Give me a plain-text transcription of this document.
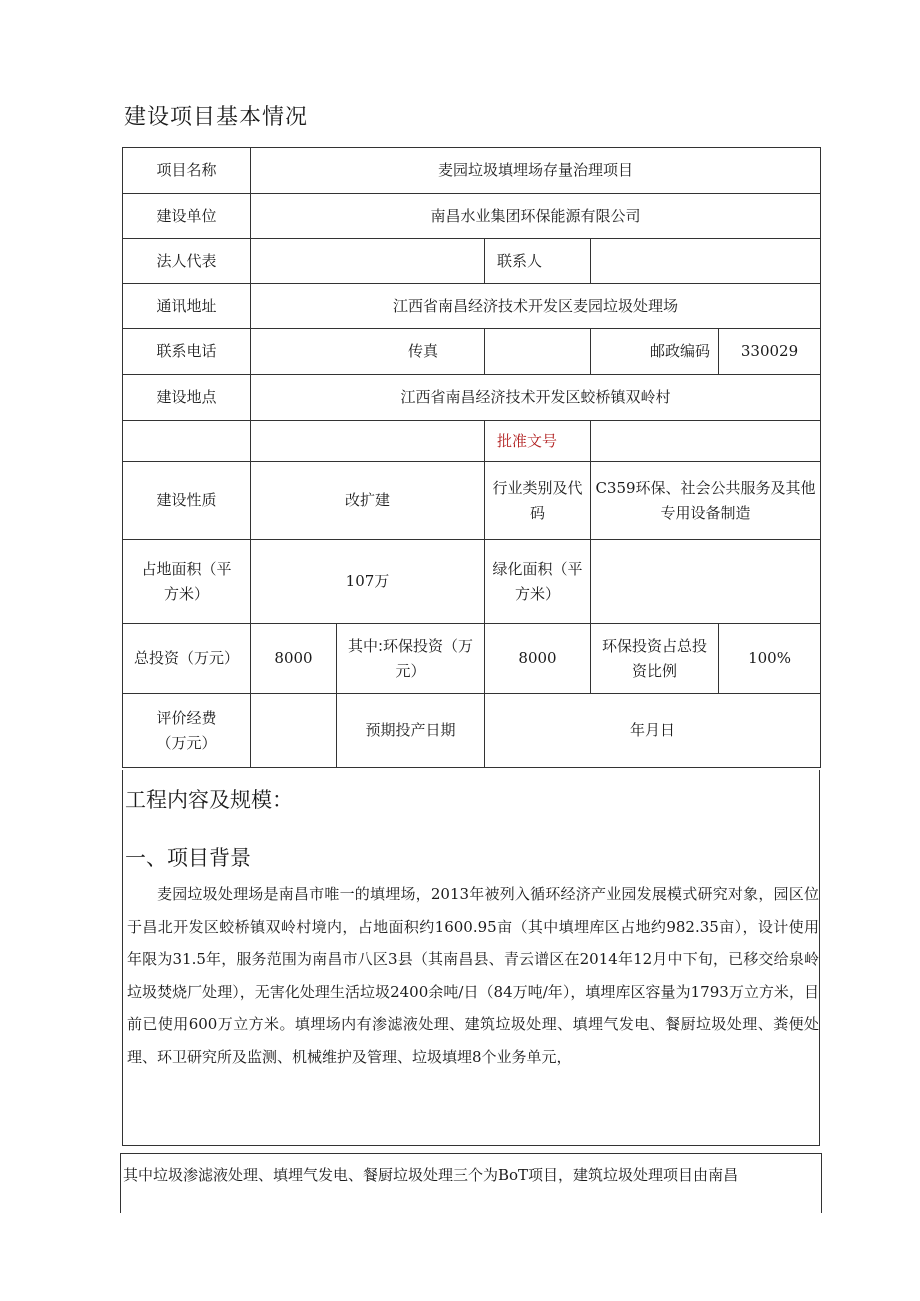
建设项目基本情况
项目名称	麦园垃圾填埋场存量治理项目				
建设单位	南昌水业集团环保能源有限公司				
法人代表			联系人		
通讯地址	江西省南昌经济技术开发区麦园垃圾处理场				
联系电话	传真			邮政编码	330029
建设地点	江西省南昌经济技术开发区蛟桥镇双岭村				
			批准文号		
建设性质	改扩建		行业类别及代码	C359环保、社会公共服务及其他专用设备制造	
占地面积（平方米）	107万		绿化面积（平方米）		
总投资（万元）	8000	其中:环保投资（万元）	8000	环保投资占总投资比例	100%
评价经费（万元）		预期投产日期	年月日		
工程内容及规模：
一、项目背景

麦园垃圾处理场是南昌市唯一的填埋场，2013年被列入循环经济产业园发展模式研究对象，园区位于昌北开发区蛟桥镇双岭村境内，占地面积约1600.95亩（其中填埋库区占地约982.35亩），设计使用年限为31.5年，服务范围为南昌市八区3县（其南昌县、青云谱区在2014年12月中下旬，已移交给泉岭垃圾焚烧厂处理），无害化处理生活垃圾2400余吨/日（84万吨/年），填埋库区容量为1793万立方米，目前已使用600万立方米。填埋场内有渗滤液处理、建筑垃圾处理、填埋气发电、餐厨垃圾处理、粪便处理、环卫研究所及监测、机械维护及管理、垃圾填埋8个业务单元，

其中垃圾渗滤液处理、填埋气发电、餐厨垃圾处理三个为BoT项目，建筑垃圾处理项目由南昌
